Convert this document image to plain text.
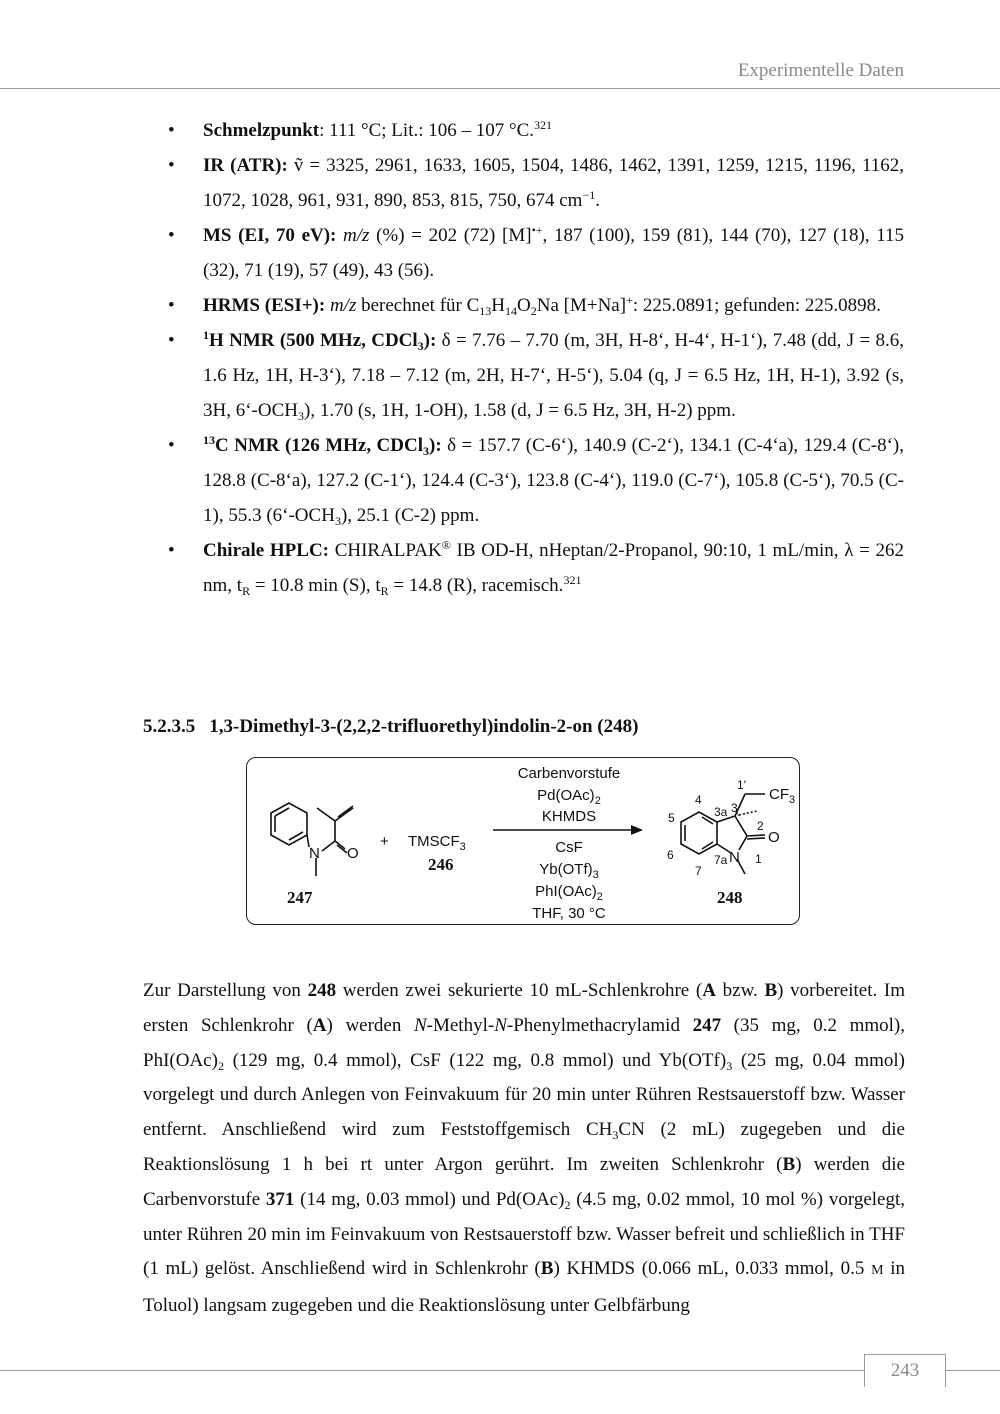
Experimentelle Daten
• Schmelzpunkt: 111 °C; Lit.: 106 – 107 °C.$^{321}$
• IR (ATR): ṽ = 3325, 2961, 1633, 1605, 1504, 1486, 1462, 1391, 1259, 1215, 1196, 1162, 1072, 1028, 961, 931, 890, 853, 815, 750, 674 $cm^{-1}$.
• MS (EI, 70 eV): m/z (%) = 202 (72) [M]•+, 187 (100), 159 (81), 144 (70), 127 (18), 115 (32), 71 (19), 57 (49), 43 (56).
• HRMS (ESI+): m/z berechnet für $C_{13}H_{14}O_2Na$ [M+Na]+: 225.0891; gefunden: 225.0898.
• $^1$H NMR (500 MHz, CDCl$_3$): δ = 7.76 – 7.70 (m, 3H, H-8‘, H-4‘, H-1‘), 7.48 (dd, J = 8.6, 1.6 Hz, 1H, H-3‘), 7.18 – 7.12 (m, 2H, H-7‘, H-5‘), 5.04 (q, J = 6.5 Hz, 1H, H-1), 3.92 (s, 3H, $6‘-OCH_3$), 1.70 (s, 1H, 1-OH), 1.58 (d, J = 6.5 Hz, 3H, H-2) ppm.
• $^{13}$C NMR (126 MHz, CDCl$_3$): δ = 157.7 (C-6‘), 140.9 (C-2‘), 134.1 (C-4‘a), 129.4 (C-8‘), 128.8 (C-8‘a), 127.2 (C-1‘), 124.4 (C-3‘), 123.8 (C-4‘), 119.0 (C-7‘), 105.8 (C-5‘), 70.5 (C-1), 55.3 $(6‘-OCH_3)$, 25.1 (C-2) ppm.
• Chirale HPLC: CHIRALPAK® IB OD-H, nHeptan/2-Propanol, 90:10, 1 mL/min, λ = 262 nm, $t_R = 10.8$ min (S), $t_R = 14.8$ (R), racemisch.$^{321}$
5.2.3.5 1,3-Dimethyl-3-(2,2,2-trifluorethyl)indolin-2-on (248)
N O
247
+ $TMSCF_3$
246
Carbenvorstufe
$Pd(OAc)_2$
KHMDS
CsF
$Yb(OTf)_3$
$PhI(OAc)_2$
THF, 30 °C
$CF_3$
O
N
1'
4
3a 3
5
2
6	7a 1
7
248

Zur Darstellung von 248 werden zwei sekurierte 10 mL-Schlenkrohre (A bzw. B) vorbereitet. Im ersten Schlenkrohr (A) werden N-Methyl-N-Phenylmethacrylamid 247 (35 mg, 0.2 mmol), $PhI(OAc)_2$ (129 mg, 0.4 mmol), CsF (122 mg, 0.8 mmol) und $Yb(OTf)_3$ (25 mg, 0.04 mmol) vorgelegt und durch Anlegen von Feinvakuum für 20 min unter Rühren Restsauerstoff bzw. Wasser entfernt. Anschließend wird zum Feststoffgemisch $CH_3CN$ (2 mL) zugegeben und die Reaktionslösung 1 h bei rt unter Argon gerührt. Im zweiten Schlenkrohr (B) werden die Carbenvorstufe 371 (14 mg, 0.03 mmol) und $Pd(OAc)_2$ (4.5 mg, 0.02 mmol, 10 mol %) vorgelegt, unter Rühren 20 min im Feinvakuum von Restsauerstoff bzw. Wasser befreit und schließlich in THF (1 mL) gelöst. Anschließend wird in Schlenkrohr (B) KHMDS (0.066 mL, 0.033 mmol, 0.5 M in Toluol) langsam zugegeben und die Reaktionslösung unter Gelbfärbung

243
